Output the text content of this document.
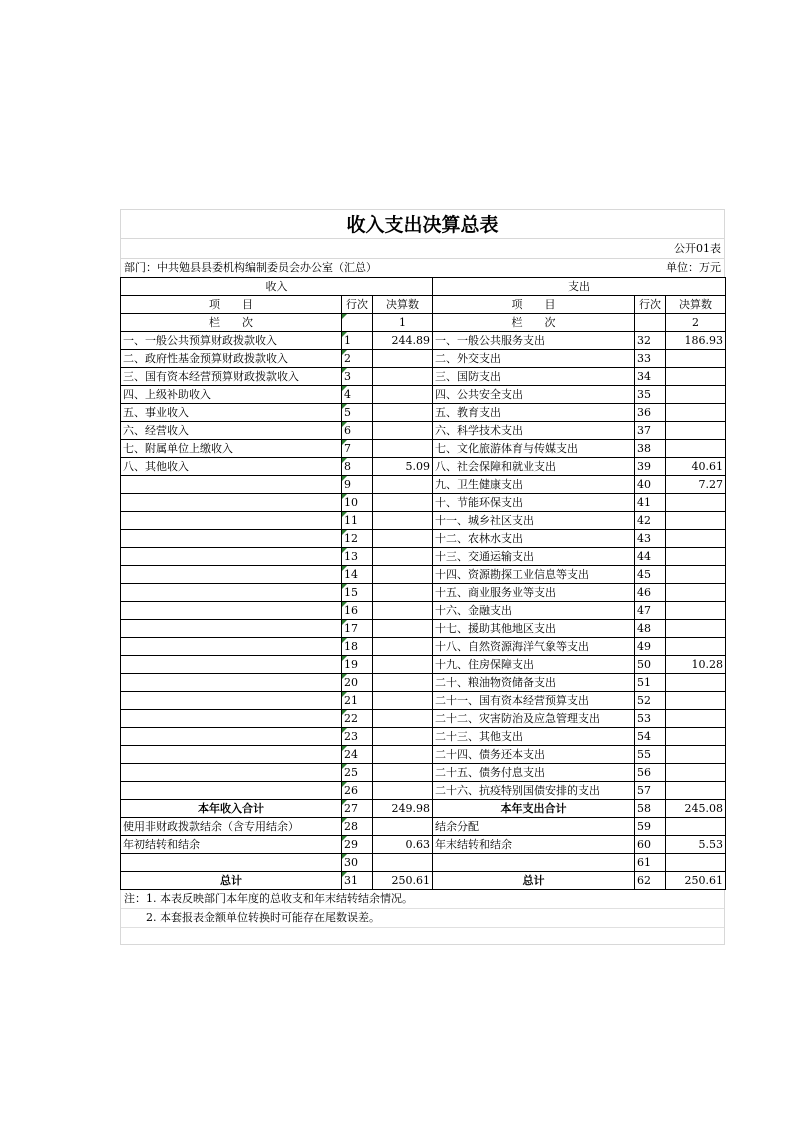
收入支出决算总表
公开01表
部门：中共勉县县委机构编制委员会办公室（汇总）	单位：万元
收入			支出		
项　　目	行次	决算数	项　　目	行次	决算数
栏　　次		1	栏　　次		2
一、一般公共预算财政拨款收入	1	244.89	一、一般公共服务支出	32	186.93
二、政府性基金预算财政拨款收入	2		二、外交支出	33	
三、国有资本经营预算财政拨款收入	3		三、国防支出	34	
四、上级补助收入	4		四、公共安全支出	35	
五、事业收入	5		五、教育支出	36	
六、经营收入	6		六、科学技术支出	37	
七、附属单位上缴收入	7		七、文化旅游体育与传媒支出	38	
八、其他收入	8	5.09	八、社会保障和就业支出	39	40.61
	9		九、卫生健康支出	40	7.27
	10		十、节能环保支出	41	
	11		十一、城乡社区支出	42	
	12		十二、农林水支出	43	
	13		十三、交通运输支出	44	
	14		十四、资源勘探工业信息等支出	45	
	15		十五、商业服务业等支出	46	
	16		十六、金融支出	47	
	17		十七、援助其他地区支出	48	
	18		十八、自然资源海洋气象等支出	49	
	19		十九、住房保障支出	50	10.28
	20		二十、粮油物资储备支出	51	
	21		二十一、国有资本经营预算支出	52	
	22		二十二、灾害防治及应急管理支出	53	
	23		二十三、其他支出	54	
	24		二十四、债务还本支出	55	
	25		二十五、债务付息支出	56	
	26		二十六、抗疫特别国债安排的支出	57	
本年收入合计	27	249.98	本年支出合计	58	245.08
使用非财政拨款结余（含专用结余）	28		结余分配	59	
年初结转和结余	29	0.63	年末结转和结余	60	5.53
	30			61	
总计	31	250.61	总计	62	250.61
注：1. 本表反映部门本年度的总收支和年末结转结余情况。
　　2. 本套报表金额单位转换时可能存在尾数误差。
